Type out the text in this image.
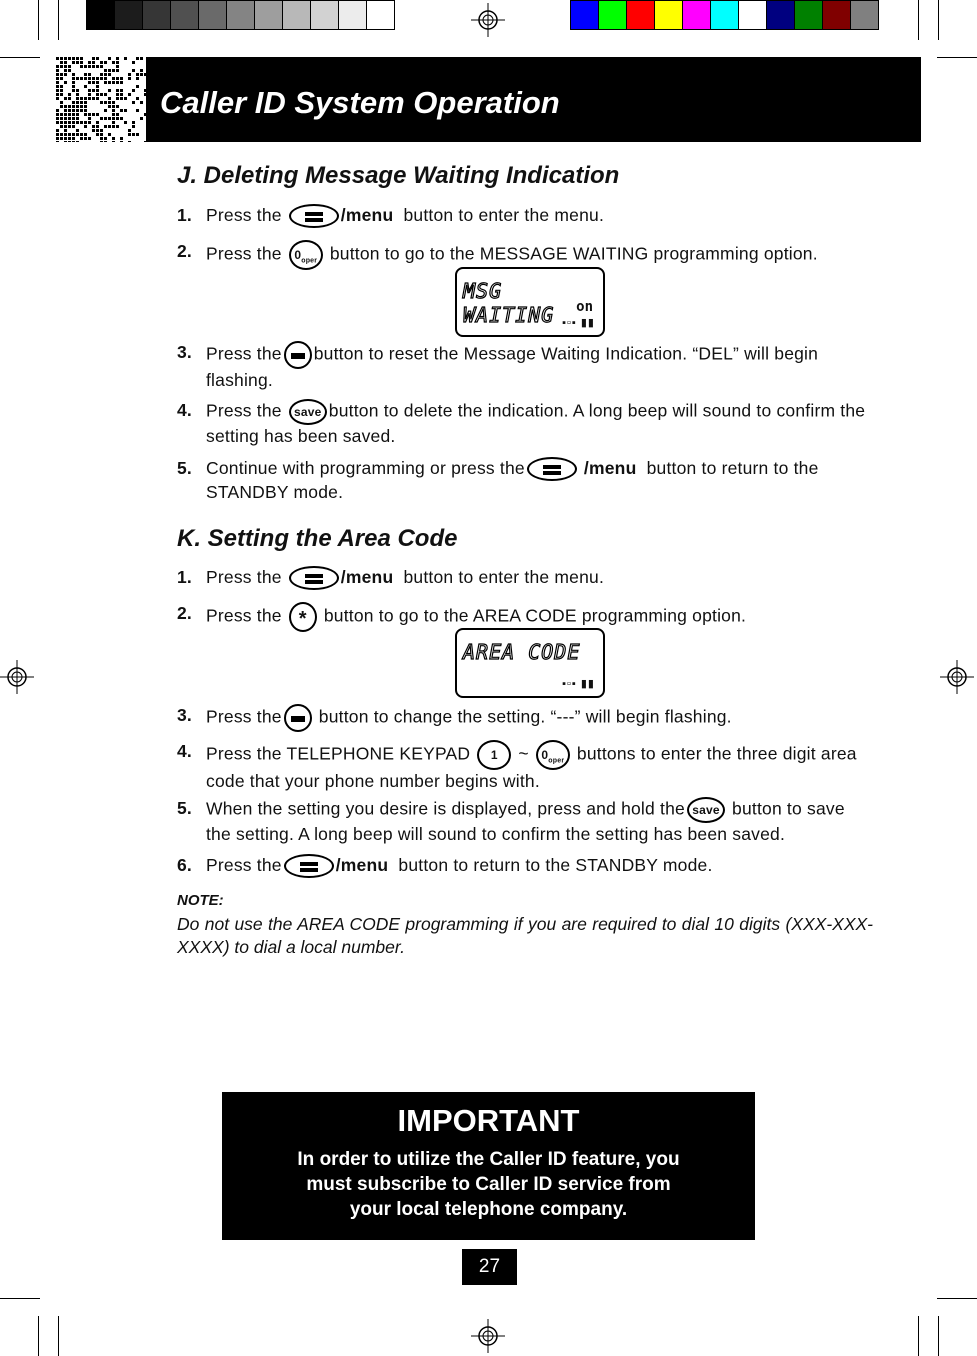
Caller ID System Operation
J. Deleting Message Waiting Indication
1. Press the	/menu button to enter the menu.
2. Press the $0_{oper}$ button to go to the MESSAGE WAITING programming option.
MSG WAITING	on
▪▫▪ ▮▮
3. Press the button to reset the Message Waiting Indication. “DEL” will begin flashing.
4. Press the save button to delete the indication. A long beep will sound to confirm the setting has been saved.
5. Continue with programming or press the	/menu button to return to the STANDBY mode.
K. Setting the Area Code
1. Press the	/menu button to enter the menu.
2. Press the * button to go to the AREA CODE programming option.
AREA CODE
▪▫▪ ▮▮
3. Press the button to change the setting. “---” will begin flashing.
4. Press the TELEPHONE KEYPAD 1 ~ $0_{oper}$ buttons to enter the three digit area code that your phone number begins with.
5. When the setting you desire is displayed, press and hold the save button to save the setting. A long beep will sound to confirm the setting has been saved.
6. Press the	/menu button to return to the STANDBY mode.
NOTE:
Do not use the AREA CODE programming if you are required to dial 10 digits (XXX-XXX-XXXX) to dial a local number.
IMPORTANT
In order to utilize the Caller ID feature, you
must subscribe to Caller ID service from
your local telephone company.
27
